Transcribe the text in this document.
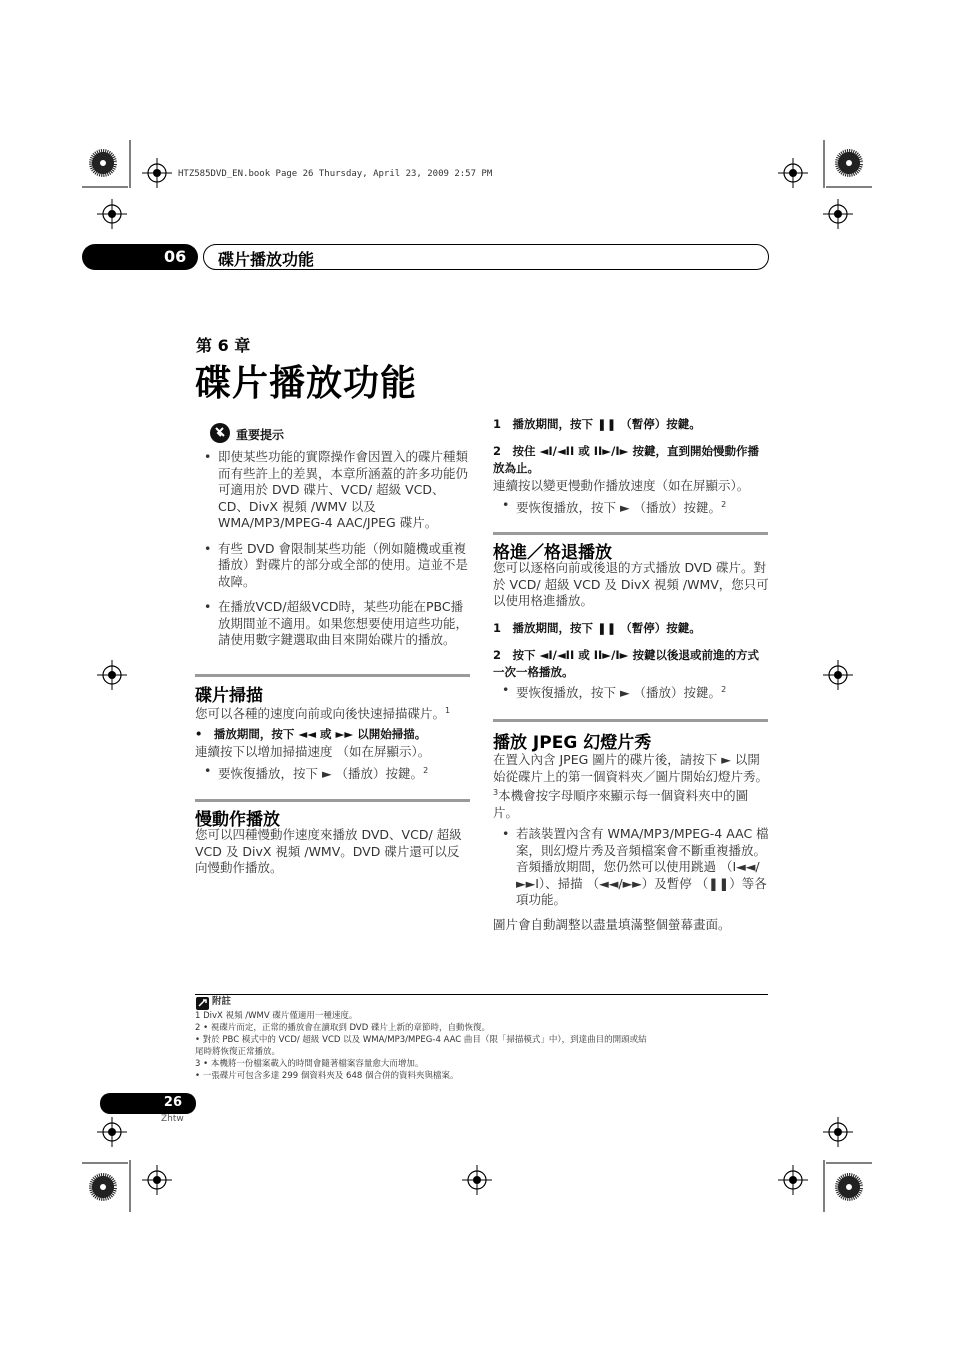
HTZ585DVD_EN.book Page 26 Thursday, April 23, 2009 2:57 PM
06 碟片播放功能
第 6 章
碟片播放功能
重要提示
• 即使某些功能的實際操作會因置入的碟片種類而有些許上的差異，本章所涵蓋的許多功能仍可適用於 DVD 碟片、VCD/ 超級 VCD、CD、DivX 視頻 /WMV 以及 WMA/MP3/MPEG-4 AAC/JPEG 碟片。
• 有些 DVD 會限制某些功能（例如隨機或重複播放）對碟片的部分或全部的使用。這並不是故障。
• 在播放VCD/超級VCD時，某些功能在PBC播放期間並不適用。如果您想要使用這些功能，請使用數字鍵選取曲目來開始碟片的播放。
碟片掃描
您可以各種的速度向前或向後快速掃描碟片。$^1$
•　播放期間，按下 ◄◄ 或 ►► 以開始掃描。
連續按下以增加掃描速度 （如在屏顯示）。
• 要恢復播放，按下 ► （播放）按鍵。$^2$
慢動作播放
您可以四種慢動作速度來播放 DVD、VCD/ 超級 VCD 及 DivX 視頻 /WMV。DVD 碟片還可以反向慢動作播放。
1　播放期間，按下 ❚❚ （暫停）按鍵。
2　按住 ◄I/◄II 或 II►/I► 按鍵，直到開始慢動作播放為止。
連續按以變更慢動作播放速度（如在屏顯示）。
• 要恢復播放，按下 ► （播放）按鍵。$^2$
格進／格退播放
您可以逐格向前或後退的方式播放 DVD 碟片。對於 VCD/ 超級 VCD 及 DivX 視頻 /WMV，您只可以使用格進播放。
1　播放期間，按下 ❚❚ （暫停）按鍵。
2　按下 ◄I/◄II 或 II►/I► 按鍵以後退或前進的方式一次一格播放。
• 要恢復播放，按下 ► （播放）按鍵。$^2$
播放 JPEG 幻燈片秀
在置入內含 JPEG 圖片的碟片後，請按下 ► 以開始從碟片上的第一個資料夾／圖片開始幻燈片秀。$^3$本機會按字母順序來顯示每一個資料夾中的圖片。
• 若該裝置內含有 WMA/MP3/MPEG-4 AAC 檔案，則幻燈片秀及音頻檔案會不斷重複播放。音頻播放期間，您仍然可以使用跳過 （I◄◄/►►I）、掃描 （◄◄/►►）及暫停 （❚❚）等各項功能。
圖片會自動調整以盡量填滿整個螢幕畫面。
附註
1 DivX 視頻 /WMV 碟片僅適用一種速度。
2 • 視碟片而定，正常的播放會在讀取到 DVD 碟片上新的章節時，自動恢復。
• 對於 PBC 模式中的 VCD/ 超級 VCD 以及 WMA/MP3/MPEG-4 AAC 曲目（限「掃描模式」中），到達曲目的開頭或結
尾時將恢復正常播放。
3 • 本機將一份檔案載入的時間會隨著檔案容量愈大而增加。
• 一張碟片可包含多達 299 個資料夾及 648 個合併的資料夾與檔案。
26
Zhtw
